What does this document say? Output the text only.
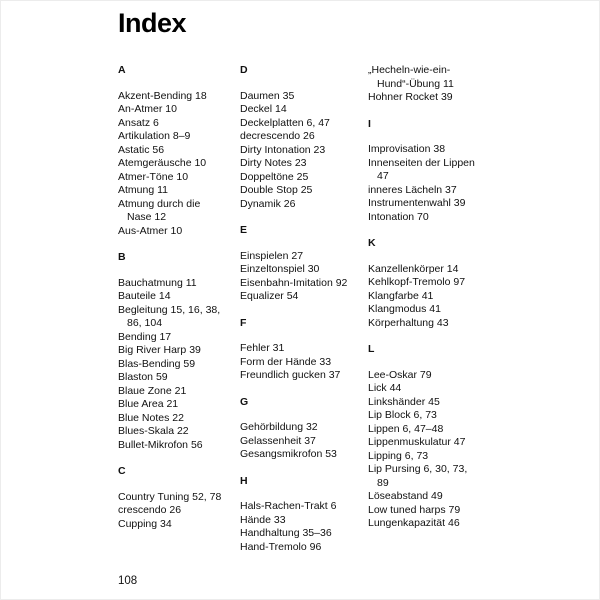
Index
A
Akzent-Bending 18
An-Atmer 10
Ansatz 6
Artikulation 8–9
Astatic 56
Atemgeräusche 10
Atmer-Töne 10
Atmung 11
Atmung durch die Nase 12
Aus-Atmer 10
B
Bauchatmung 11
Bauteile 14
Begleitung 15, 16, 38, 86, 104
Bending 17
Big River Harp 39
Blas-Bending 59
Blaston 59
Blaue Zone 21
Blue Area 21
Blue Notes 22
Blues-Skala 22
Bullet-Mikrofon 56
C
Country Tuning 52, 78
crescendo 26
Cupping 34
D
Daumen 35
Deckel 14
Deckelplatten 6, 47
decrescendo 26
Dirty Intonation 23
Dirty Notes 23
Doppeltöne 25
Double Stop 25
Dynamik 26
E
Einspielen 27
Einzeltonspiel 30
Eisenbahn-Imitation 92
Equalizer 54
F
Fehler 31
Form der Hände 33
Freundlich gucken 37
G
Gehörbildung 32
Gelassenheit 37
Gesangsmikrofon 53
H
Hals-Rachen-Trakt 6
Hände 33
Handhaltung 35–36
Hand-Tremolo 96
„Hecheln-wie-ein-Hund“-Übung 11
Hohner Rocket 39
I
Improvisation 38
Innenseiten der Lippen 47
inneres Lächeln 37
Instrumentenwahl 39
Intonation 70
K
Kanzellenkörper 14
Kehlkopf-Tremolo 97
Klangfarbe 41
Klangmodus 41
Körperhaltung 43
L
Lee-Oskar 79
Lick 44
Linkshänder 45
Lip Block 6, 73
Lippen 6, 47–48
Lippenmuskulatur 47
Lipping 6, 73
Lip Pursing 6, 30, 73, 89
Löseabstand 49
Low tuned harps 79
Lungenkapazität 46
108
